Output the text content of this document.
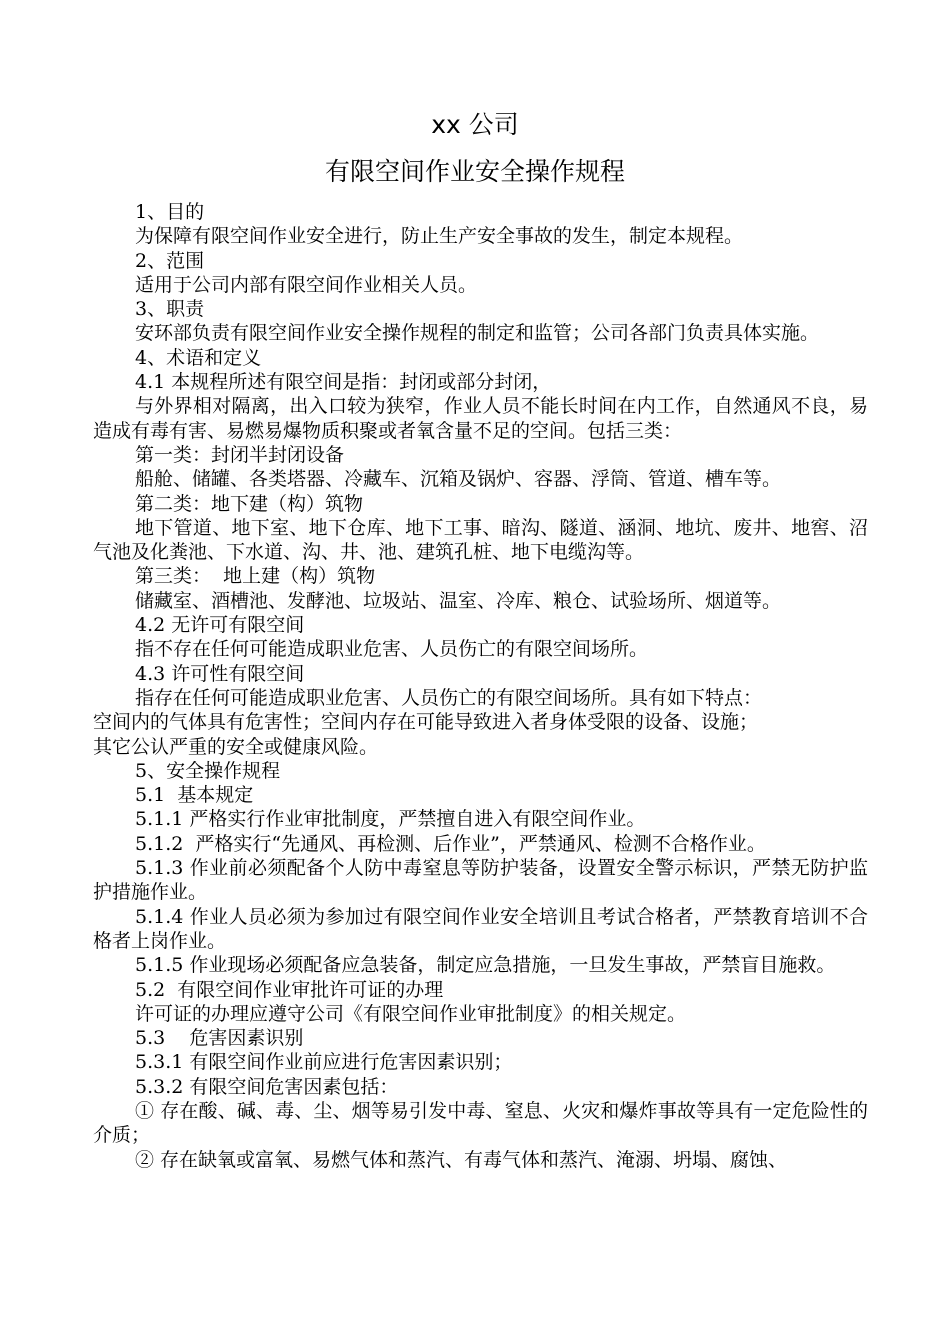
xx 公司
有限空间作业安全操作规程

1、目的

为保障有限空间作业安全进行，防止生产安全事故的发生，制定本规程。

2、范围

适用于公司内部有限空间作业相关人员。

3、职责

安环部负责有限空间作业安全操作规程的制定和监管；公司各部门负责具体实施。

4、术语和定义

4.1 本规程所述有限空间是指：封闭或部分封闭，

与外界相对隔离，出入口较为狭窄，作业人员不能长时间在内工作，自然通风不良，易造成有毒有害、易燃易爆物质积聚或者氧含量不足的空间。包括三类：

第一类：封闭半封闭设备

船舱、储罐、各类塔器、冷藏车、沉箱及锅炉、容器、浮筒、管道、槽车等。

第二类：地下建（构）筑物

地下管道、地下室、地下仓库、地下工事、暗沟、隧道、涵洞、地坑、废井、地窖、沼气池及化粪池、下水道、沟、井、池、建筑孔桩、地下电缆沟等。

第三类：  地上建（构）筑物

储藏室、酒槽池、发酵池、垃圾站、温室、冷库、粮仓、试验场所、烟道等。

4.2 无许可有限空间

指不存在任何可能造成职业危害、人员伤亡的有限空间场所。

4.3 许可性有限空间

指存在任何可能造成职业危害、人员伤亡的有限空间场所。具有如下特点：

空间内的气体具有危害性；空间内存在可能导致进入者身体受限的设备、设施；

其它公认严重的安全或健康风险。

5、安全操作规程

5.1  基本规定

5.1.1 严格实行作业审批制度，严禁擅自进入有限空间作业。

5.1.2  严格实行“先通风、再检测、后作业”，严禁通风、检测不合格作业。

5.1.3 作业前必须配备个人防中毒窒息等防护装备，设置安全警示标识，严禁无防护监护措施作业。

5.1.4 作业人员必须为参加过有限空间作业安全培训且考试合格者，严禁教育培训不合格者上岗作业。

5.1.5 作业现场必须配备应急装备，制定应急措施，一旦发生事故，严禁盲目施救。

5.2  有限空间作业审批许可证的办理

许可证的办理应遵守公司《有限空间作业审批制度》的相关规定。

5.3    危害因素识别

5.3.1 有限空间作业前应进行危害因素识别；

5.3.2 有限空间危害因素包括：

① 存在酸、碱、毒、尘、烟等易引发中毒、窒息、火灾和爆炸事故等具有一定危险性的介质；

② 存在缺氧或富氧、易燃气体和蒸汽、有毒气体和蒸汽、淹溺、坍塌、腐蚀、
